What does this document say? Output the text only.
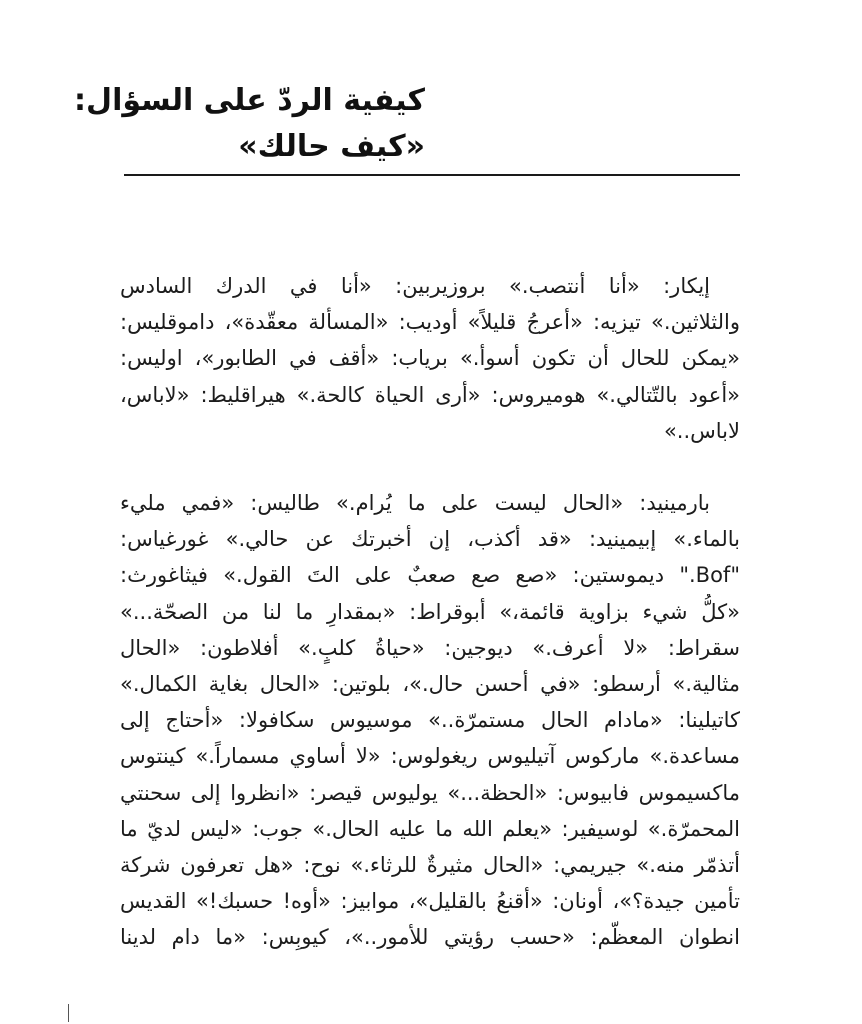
كيفية الردّ على السؤال:
«كيف حالك»
إيكار: «أنا أنتصب.» بروزيربين: «أنا في الدرك السادس
والثلاثين.» تيزيه: «أعرجُ قليلاً» أوديب: «المسألة معقّدة»، داموقليس:
«يمكن للحال أن تكون أسوأ.» برياب: «أقف في الطابور»، اوليس:
«أعود بالتّتالي.» هوميروس: «أرى الحياة كالحة.» هيراقليط: «لاباس،
لاباس..»
بارمينيد: «الحال ليست على ما يُرام.» طاليس: «فمي مليء
بالماء.» إبيمينيد: «قد أكذب، إن أخبرتك عن حالي.» غورغياس:
"Bof." ديموستين: «صع صع صعبٌ على التَ القول.» فيثاغورث:
«كلُّ شيء بزاوية قائمة،» أبوقراط: «بمقدارِ ما لنا من الصحّة...»
سقراط: «لا أعرف.» ديوجين: «حياةُ كلبٍ.» أفلاطون: «الحال
مثالية.» أرسطو: «في أحسن حال.»، بلوتين: «الحال بغاية الكمال.»
كاتيلينا: «مادام الحال مستمرّة..» موسيوس سكافولا: «أحتاج إلى
مساعدة.» ماركوس آتيليوس ريغولوس: «لا أساوي مسماراً.» كينتوس
ماكسيموس فابيوس: «الحظة...» يوليوس قيصر: «انظروا إلى سحنتي
المحمرّة.» لوسيفير: «يعلم الله ما عليه الحال.» جوب: «ليس لديّ ما
أتذمّر منه.» جيريمي: «الحال مثيرةٌ للرثاء.» نوح: «هل تعرفون شركة
تأمين جيدة؟»، أونان: «أقنعُ بالقليل»، موابيز: «أوه! حسبك!» القديس
انطوان المعظّم: «حسب رؤيتي للأمور..»، كيوبِس: «ما دام لدينا
